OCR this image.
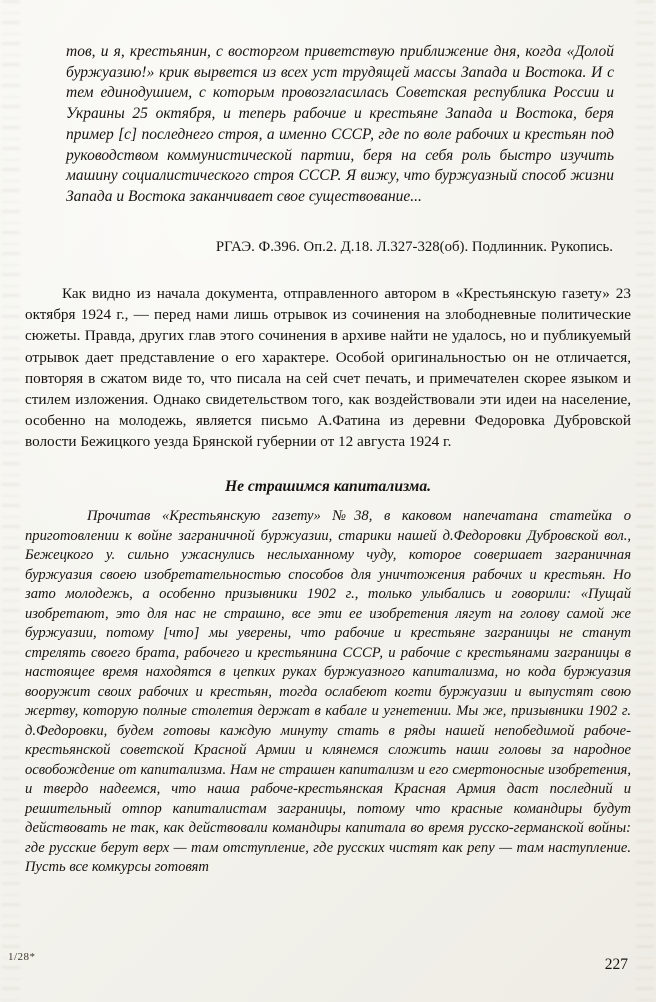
тов, и я, крестьянин, с восторгом приветствую приближение дня, когда «Долой буржуазию!» крик вырвется из всех уст трудящей массы Запада и Востока. И с тем единодушием, с которым провозгласилась Советская республика России и Украины 25 октября, и теперь рабочие и крестьяне Запада и Востока, беря пример [с] последнего строя, а именно СССР, где по воле рабочих и крестьян под руководством коммунистической партии, беря на себя роль быстро изучить машину социалистического строя СССР. Я вижу, что буржуазный способ жизни Запада и Востока заканчивает свое существование...

РГАЭ. Ф.396. Оп.2. Д.18. Л.327-328(об). Подлинник. Рукопись.

Как видно из начала документа, отправленного автором в «Крестьянскую газету» 23 октября 1924 г., — перед нами лишь отрывок из сочинения на злободневные политические сюжеты. Правда, других глав этого сочинения в архиве найти не удалось, но и публикуемый отрывок дает представление о его характере. Особой оригинальностью он не отличается, повторяя в сжатом виде то, что писала на сей счет печать, и примечателен скорее языком и стилем изложения. Однако свидетельством того, как воздействовали эти идеи на население, особенно на молодежь, является письмо А.Фатина из деревни Федоровка Дубровской волости Бежицкого уезда Брянской губернии от 12 августа 1924 г.

Не страшимся капитализма.

Прочитав «Крестьянскую газету» №38, в каковом напечатана статейка о приготовлении к войне заграничной буржуазии, старики нашей д.Федоровки Дубровской вол., Бежецкого у. сильно ужаснулись неслыханному чуду, которое совершает заграничная буржуазия своею изобретательностью способов для уничтожения рабочих и крестьян. Но зато молодежь, а особенно призывники 1902 г., только улыбались и говорили: «Пущай изобретают, это для нас не страшно, все эти ее изобретения лягут на голову самой же буржуазии, потому [что] мы уверены, что рабочие и крестьяне заграницы не станут стрелять своего брата, рабочего и крестьянина СССР, и рабочие с крестьянами заграницы в настоящее время находятся в цепких руках буржуазного капитализма, но кода буржуазия вооружит своих рабочих и крестьян, тогда ослабеют когти буржуазии и выпустят свою жертву, которую полные столетия держат в кабале и угнетении. Мы же, призывники 1902 г. д.Федоровки, будем готовы каждую минуту стать в ряды нашей непобедимой рабоче-крестьянской советской Красной Армии и клянемся сложить наши головы за народное освобождение от капитализма. Нам не страшен капитализм и его смертоносные изобретения, и твердо надеемся, что наша рабоче-крестьянская Красная Армия даст последний и решительный отпор капиталистам заграницы, потому что красные командиры будут действовать не так, как действовали командиры капитала во время русско-германской войны: где русские берут верх — там отступление, где русских чистят как репу — там наступление. Пусть все комкурсы готовят

1/28*	227
